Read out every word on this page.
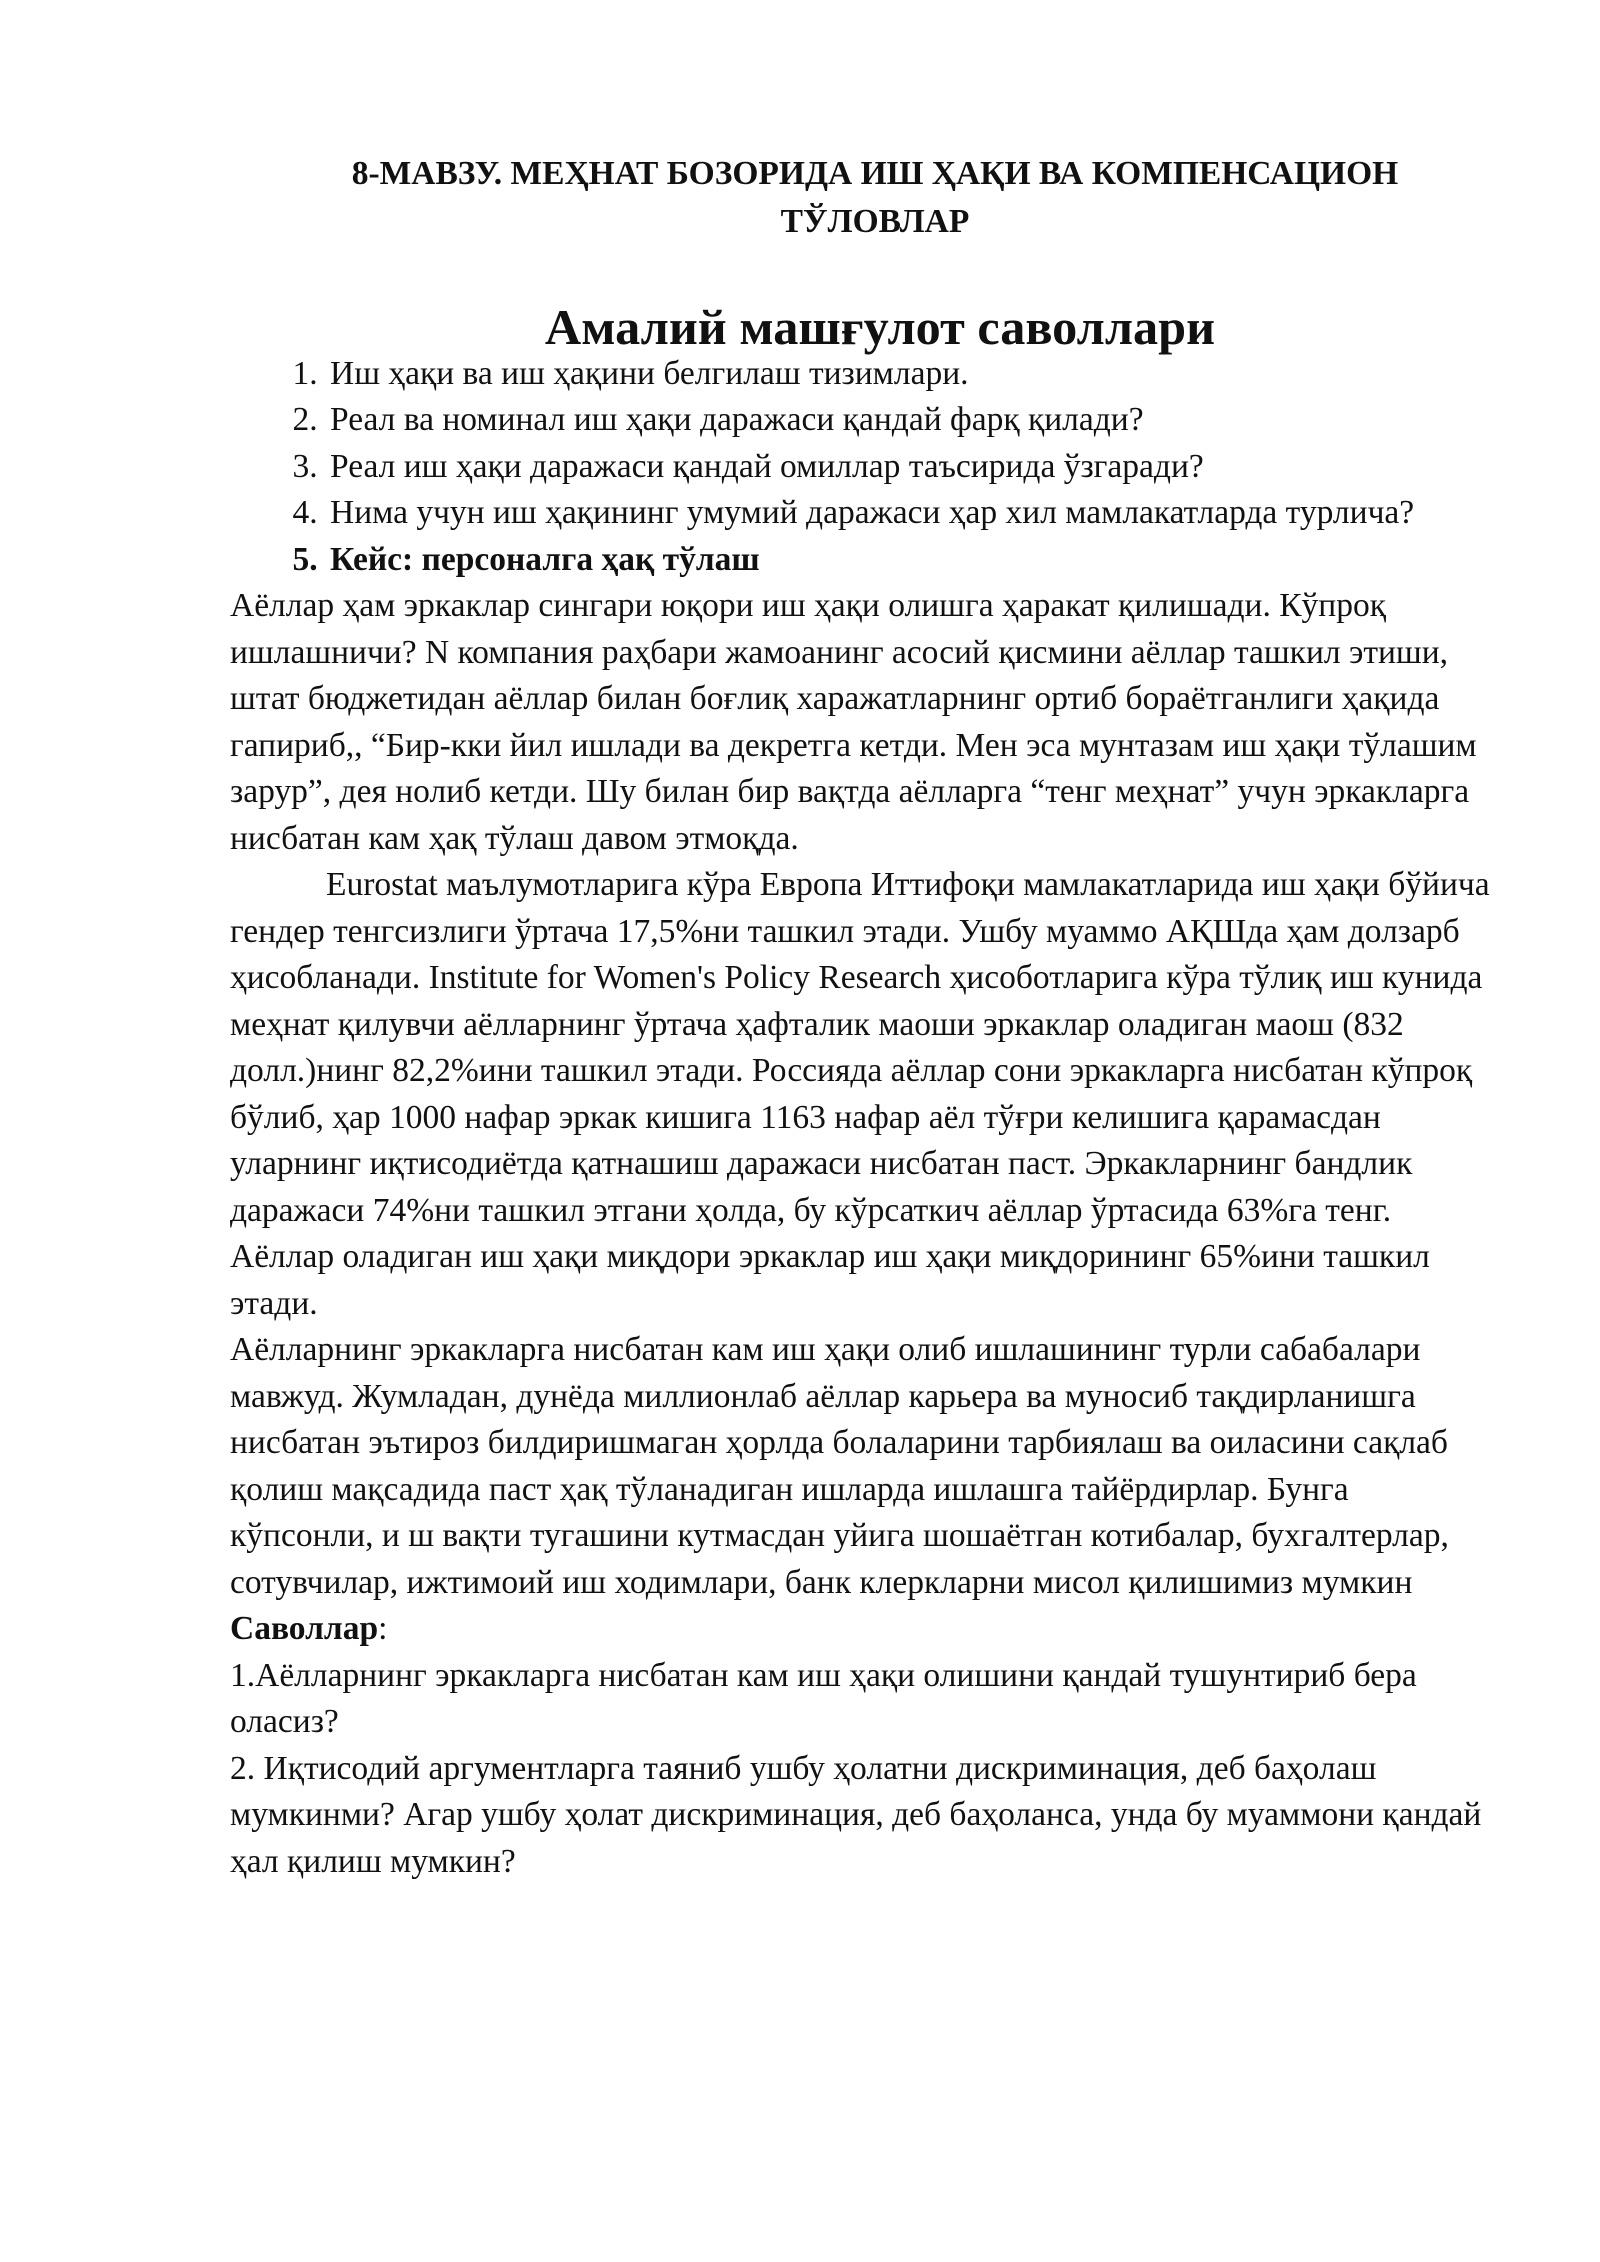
8-МАВЗУ. МЕҲНАТ БОЗОРИДА ИШ ҲАҚИ ВА КОМПЕНСАЦИОН ТЎЛОВЛАР
Амалий машғулот саволлари
1. Иш ҳақи ва иш ҳақини белгилаш тизимлари.
2. Реал ва номинал иш ҳақи даражаси қандай фарқ қилади?
3. Реал иш ҳақи даражаси қандай омиллар таъсирида ўзгаради?
4. Нима учун иш ҳақининг умумий даражаси ҳар хил мамлакатларда турлича?
5. Кейс: персоналга ҳақ тўлаш

Аёллар ҳам эркаклар сингари юқори иш ҳақи олишга ҳаракат қилишади. Кўпроқ ишлашничи? N компания раҳбари жамоанинг асосий қисмини аёллар ташкил этиши, штат бюджетидан аёллар билан боғлиқ харажатларнинг ортиб бораётганлиги ҳақида гапириб,, “Бир-кки йил ишлади ва декретга кетди. Мен эса мунтазам иш ҳақи тўлашим зарур”, дея нолиб кетди. Шу билан бир вақтда аёлларга “тенг меҳнат” учун эркакларга нисбатан кам ҳақ тўлаш давом этмоқда.

Eurostat маълумотларига кўра Европа Иттифоқи мамлакатларида иш ҳақи бўйича гендер тенгсизлиги ўртача 17,5%ни ташкил этади. Ушбу муаммо АҚШда ҳам долзарб ҳисобланади. Institute for Women's Policy Research ҳисоботларига кўра тўлиқ иш кунида меҳнат қилувчи аёлларнинг ўртача ҳафталик маоши эркаклар оладиган маош (832 долл.)нинг 82,2%ини ташкил этади. Россияда аёллар сони эркакларга нисбатан кўпроқ бўлиб, ҳар 1000 нафар эркак кишига 1163 нафар аёл тўғри келишига қарамасдан уларнинг иқтисодиётда қатнашиш даражаси нисбатан паст. Эркакларнинг бандлик даражаси 74%ни ташкил этгани ҳолда, бу кўрсаткич аёллар ўртасида 63%га тенг. Аёллар оладиган иш ҳақи миқдори эркаклар иш ҳақи миқдорининг 65%ини ташкил этади.

Аёлларнинг эркакларга нисбатан кам иш ҳақи олиб ишлашининг турли сабабалари мавжуд. Жумладан, дунёда миллионлаб аёллар карьера ва муносиб тақдирланишга нисбатан эътироз билдиришмаган ҳорлда болаларини тарбиялаш ва оиласини сақлаб қолиш мақсадида паст ҳақ тўланадиган ишларда ишлашга тайёрдирлар. Бунга кўпсонли, и ш вақти тугашини кутмасдан уйига шошаётган котибалар, бухгалтерлар, сотувчилар, ижтимоий иш ходимлари, банк клеркларни мисол қилишимиз мумкин

Саволлар:

1.Аёлларнинг эркакларга нисбатан кам иш ҳақи олишини қандай тушунтириб бера оласиз?

2. Иқтисодий аргументларга таяниб ушбу ҳолатни дискриминация, деб баҳолаш мумкинми? Агар ушбу ҳолат дискриминация, деб баҳоланса, унда бу муаммони қандай ҳал қилиш мумкин?
